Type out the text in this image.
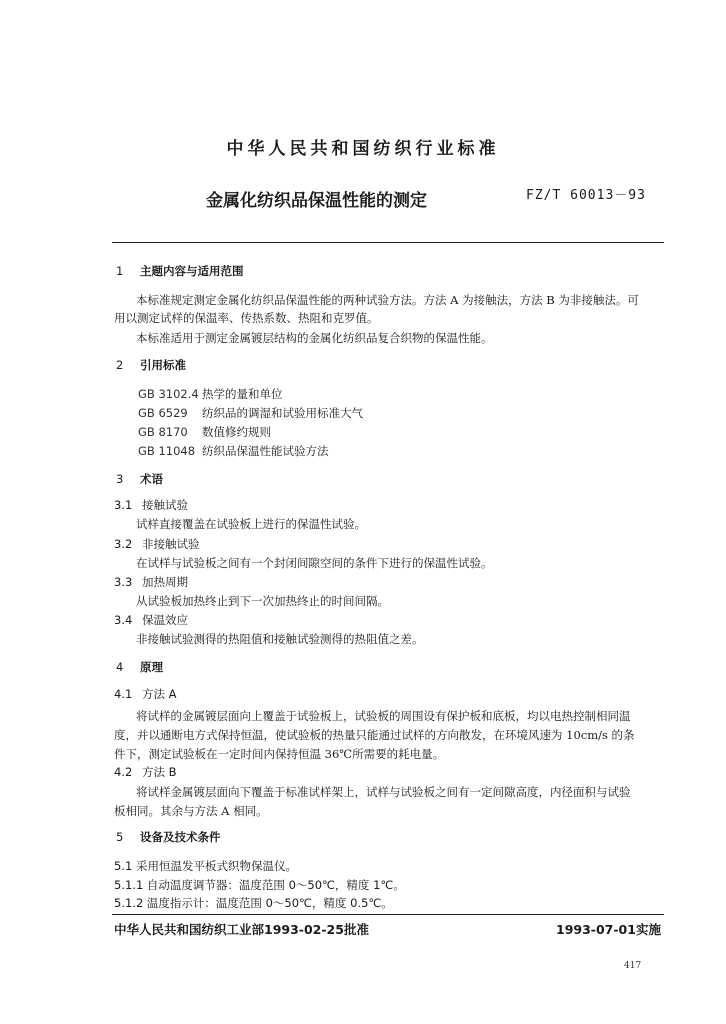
中华人民共和国纺织行业标准
金属化纺织品保温性能的测定	FZ/T 60013－93
1 主题内容与适用范围
本标准规定测定金属化纺织品保温性能的两种试验方法。方法 A 为接触法，方法 B 为非接触法。可
用以测定试样的保温率、传热系数、热阻和克罗值。
本标准适用于测定金属镀层结构的金属化纺织品复合织物的保温性能。
2 引用标准
GB 3102.4 热学的量和单位
GB 6529 纺织品的调湿和试验用标准大气
GB 8170 数值修约规则
GB 11048 纺织品保温性能试验方法
3 术语
3.1 接触试验
试样直接覆盖在试验板上进行的保温性试验。
3.2 非接触试验
在试样与试验板之间有一个封闭间隙空间的条件下进行的保温性试验。
3.3 加热周期
从试验板加热终止到下一次加热终止的时间间隔。
3.4 保温效应
非接触试验测得的热阻值和接触试验测得的热阻值之差。
4 原理
4.1 方法 A
将试样的金属镀层面向上覆盖于试验板上，试验板的周围设有保护板和底板，均以电热控制相同温
度，并以通断电方式保持恒温，使试验板的热量只能通过试样的方向散发，在环境风速为 10cm/s 的条
件下，测定试验板在一定时间内保持恒温 36℃所需要的耗电量。
4.2 方法 B
将试样金属镀层面向下覆盖于标准试样架上，试样与试验板之间有一定间隙高度，内径面积与试验
板相同。其余与方法 A 相同。
5 设备及技术条件
5.1 采用恒温发平板式织物保温仪。
5.1.1 自动温度调节器：温度范围 0～50℃，精度 1℃。
5.1.2 温度指示计：温度范围 0～50℃，精度 0.5℃。
中华人民共和国纺织工业部1993-02-25批准	1993-07-01实施
417
